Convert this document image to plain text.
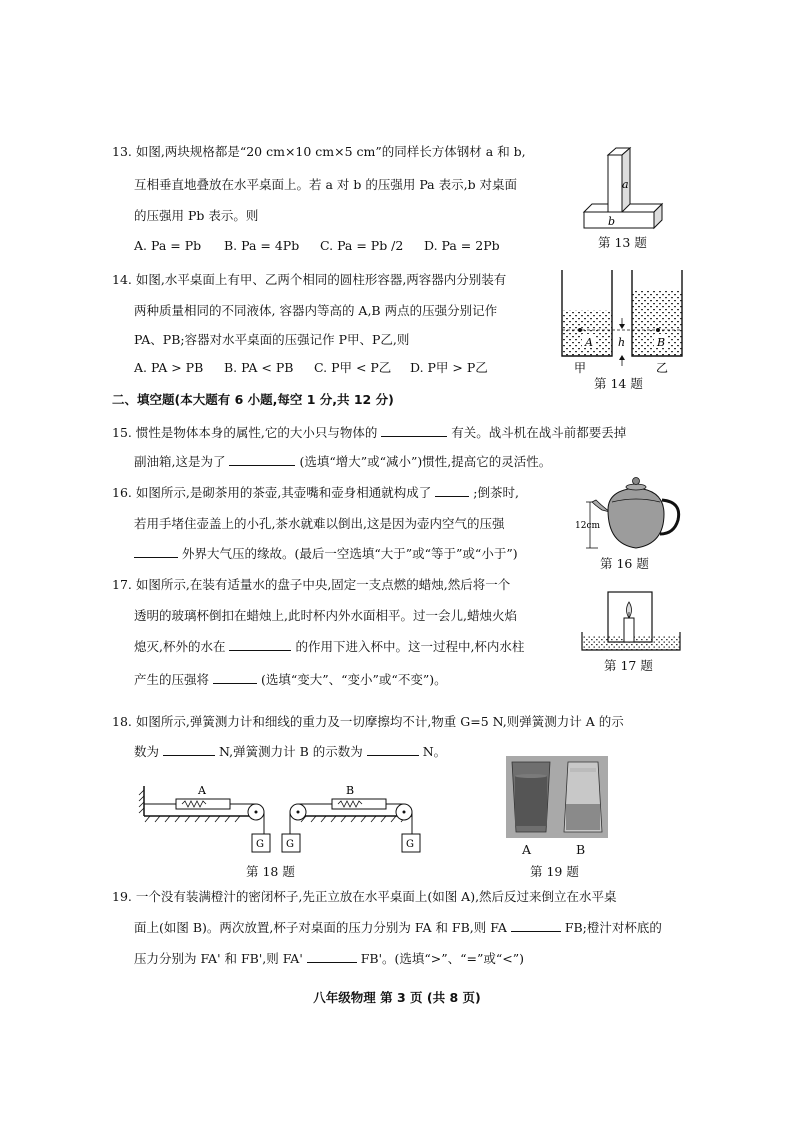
13. 如图,两块规格都是“20 cm×10 cm×5 cm”的同样长方体钢材 a 和 b,
互相垂直地叠放在水平桌面上。若 a 对 b 的压强用 Pa 表示,b 对桌面
的压强用 Pb 表示。则
A. Pa = Pb B. Pa = 4Pb C. Pa = Pb /2 D. Pa = 2Pb
a
b
第 13 题
14. 如图,水平桌面上有甲、乙两个相同的圆柱形容器,两容器内分别装有
两种质量相同的不同液体, 容器内等高的 A,B 两点的压强分别记作
PA、PB;容器对水平桌面的压强记作 P甲、P乙,则
A. PA > PB B. PA < PB C. P甲 < P乙 D. P甲 > P乙
A	B
h
甲	乙
第 14 题
二、填空题(本大题有 6 小题,每空 1 分,共 12 分)
15. 惯性是物体本身的属性,它的大小只与物体的	有关。战斗机在战斗前都要丢掉
副油箱,这是为了	(选填“增大”或“减小”)惯性,提高它的灵活性。
16. 如图所示,是砌茶用的茶壶,其壶嘴和壶身相通就构成了	;倒茶时,
若用手堵住壶盖上的小孔,茶水就难以倒出,这是因为壶内空气的压强
外界大气压的缘故。(最后一空选填“大于”或“等于”或“小于”)
12cm
第 16 题
17. 如图所示,在装有适量水的盘子中央,固定一支点燃的蜡烛,然后将一个
透明的玻璃杯倒扣在蜡烛上,此时杯内外水面相平。过一会儿,蜡烛火焰
熄灭,杯外的水在	的作用下进入杯中。这一过程中,杯内水柱
产生的压强将	(选填“变大”、“变小”或“不变”)。
第 17 题
18. 如图所示,弹簧测力计和细线的重力及一切摩擦均不计,物重 G=5 N,则弹簧测力计 A 的示
数为	N,弹簧测力计 B 的示数为	N。
A
G G
B
G
第 18 题
A	B
第 19 题
19. 一个没有装满橙汁的密闭杯子,先正立放在水平桌面上(如图 A),然后反过来倒立在水平桌
面上(如图 B)。两次放置,杯子对桌面的压力分别为 FA 和 FB,则 FA	FB;橙汁对杯底的
压力分别为 FA' 和 FB',则 FA'	FB'。(选填“>”、“=”或“<”)
八年级物理 第 3 页 (共 8 页)
